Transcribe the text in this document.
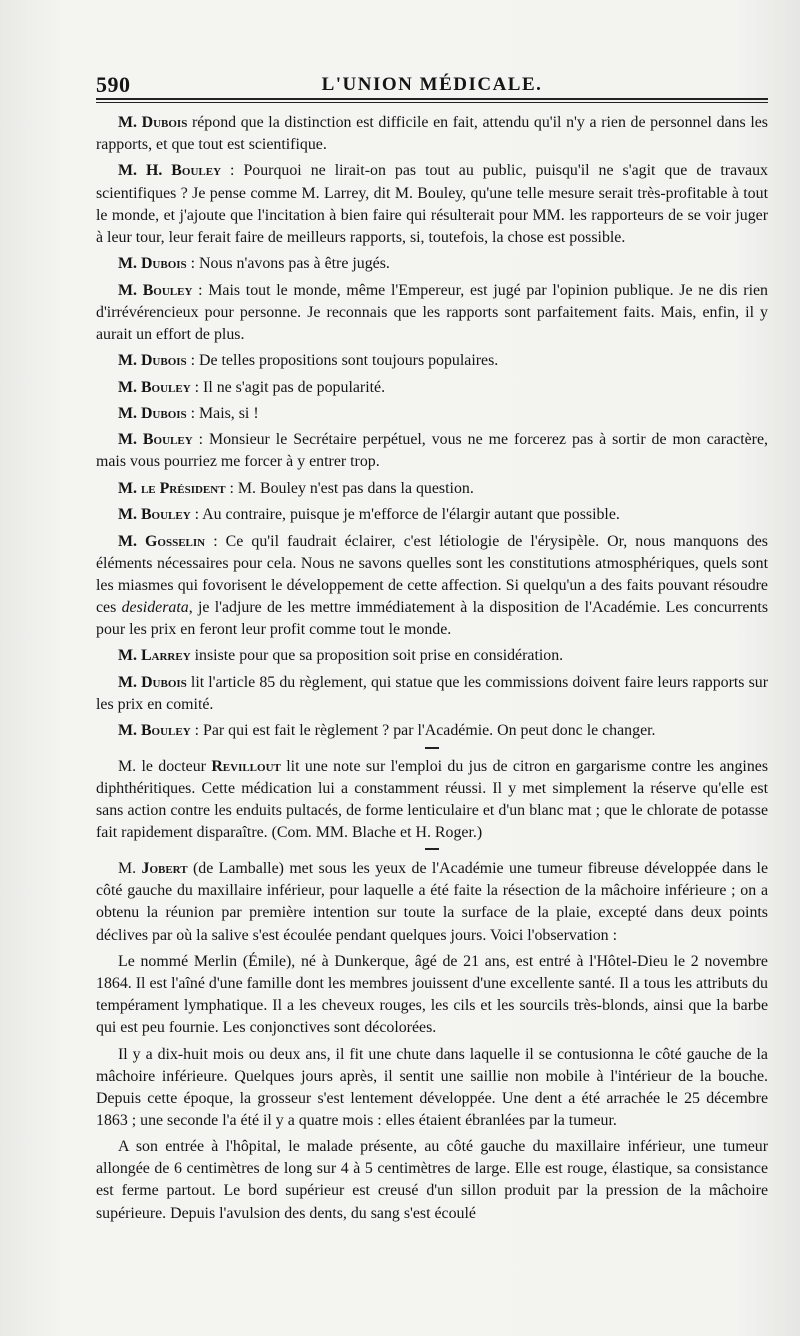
590	L'UNION MÉDICALE.

M. Dubois répond que la distinction est difficile en fait, attendu qu'il n'y a rien de personnel dans les rapports, et que tout est scientifique.

M. H. Bouley : Pourquoi ne lirait-on pas tout au public, puisqu'il ne s'agit que de travaux scientifiques ? Je pense comme M. Larrey, dit M. Bouley, qu'une telle mesure serait très-profitable à tout le monde, et j'ajoute que l'incitation à bien faire qui résulterait pour MM. les rapporteurs de se voir juger à leur tour, leur ferait faire de meilleurs rapports, si, toutefois, la chose est possible.

M. Dubois : Nous n'avons pas à être jugés.

M. Bouley : Mais tout le monde, même l'Empereur, est jugé par l'opinion publique. Je ne dis rien d'irrévérencieux pour personne. Je reconnais que les rapports sont parfaitement faits. Mais, enfin, il y aurait un effort de plus.

M. Dubois : De telles propositions sont toujours populaires.

M. Bouley : Il ne s'agit pas de popularité.

M. Dubois : Mais, si !

M. Bouley : Monsieur le Secrétaire perpétuel, vous ne me forcerez pas à sortir de mon caractère, mais vous pourriez me forcer à y entrer trop.

M. le Président : M. Bouley n'est pas dans la question.

M. Bouley : Au contraire, puisque je m'efforce de l'élargir autant que possible.

M. Gosselin : Ce qu'il faudrait éclairer, c'est létiologie de l'érysipèle. Or, nous manquons des éléments nécessaires pour cela. Nous ne savons quelles sont les constitutions atmosphériques, quels sont les miasmes qui fovorisent le développement de cette affection. Si quelqu'un a des faits pouvant résoudre ces desiderata, je l'adjure de les mettre immédiatement à la disposition de l'Académie. Les concurrents pour les prix en feront leur profit comme tout le monde.

M. Larrey insiste pour que sa proposition soit prise en considération.

M. Dubois lit l'article 85 du règlement, qui statue que les commissions doivent faire leurs rapports sur les prix en comité.

M. Bouley : Par qui est fait le règlement ? par l'Académie. On peut donc le changer.

M. le docteur Revillout lit une note sur l'emploi du jus de citron en gargarisme contre les angines diphthéritiques. Cette médication lui a constamment réussi. Il y met simplement la réserve qu'elle est sans action contre les enduits pultacés, de forme lenticulaire et d'un blanc mat ; que le chlorate de potasse fait rapidement disparaître. (Com. MM. Blache et H. Roger.)

M. Jobert (de Lamballe) met sous les yeux de l'Académie une tumeur fibreuse développée dans le côté gauche du maxillaire inférieur, pour laquelle a été faite la résection de la mâchoire inférieure ; on a obtenu la réunion par première intention sur toute la surface de la plaie, excepté dans deux points déclives par où la salive s'est écoulée pendant quelques jours. Voici l'observation :

Le nommé Merlin (Émile), né à Dunkerque, âgé de 21 ans, est entré à l'Hôtel-Dieu le 2 novembre 1864. Il est l'aîné d'une famille dont les membres jouissent d'une excellente santé. Il a tous les attributs du tempérament lymphatique. Il a les cheveux rouges, les cils et les sourcils très-blonds, ainsi que la barbe qui est peu fournie. Les conjonctives sont décolorées.

Il y a dix-huit mois ou deux ans, il fit une chute dans laquelle il se contusionna le côté gauche de la mâchoire inférieure. Quelques jours après, il sentit une saillie non mobile à l'intérieur de la bouche. Depuis cette époque, la grosseur s'est lentement développée. Une dent a été arrachée le 25 décembre 1863 ; une seconde l'a été il y a quatre mois : elles étaient ébranlées par la tumeur.

A son entrée à l'hôpital, le malade présente, au côté gauche du maxillaire inférieur, une tumeur allongée de 6 centimètres de long sur 4 à 5 centimètres de large. Elle est rouge, élastique, sa consistance est ferme partout. Le bord supérieur est creusé d'un sillon produit par la pression de la mâchoire supérieure. Depuis l'avulsion des dents, du sang s'est écoulé
